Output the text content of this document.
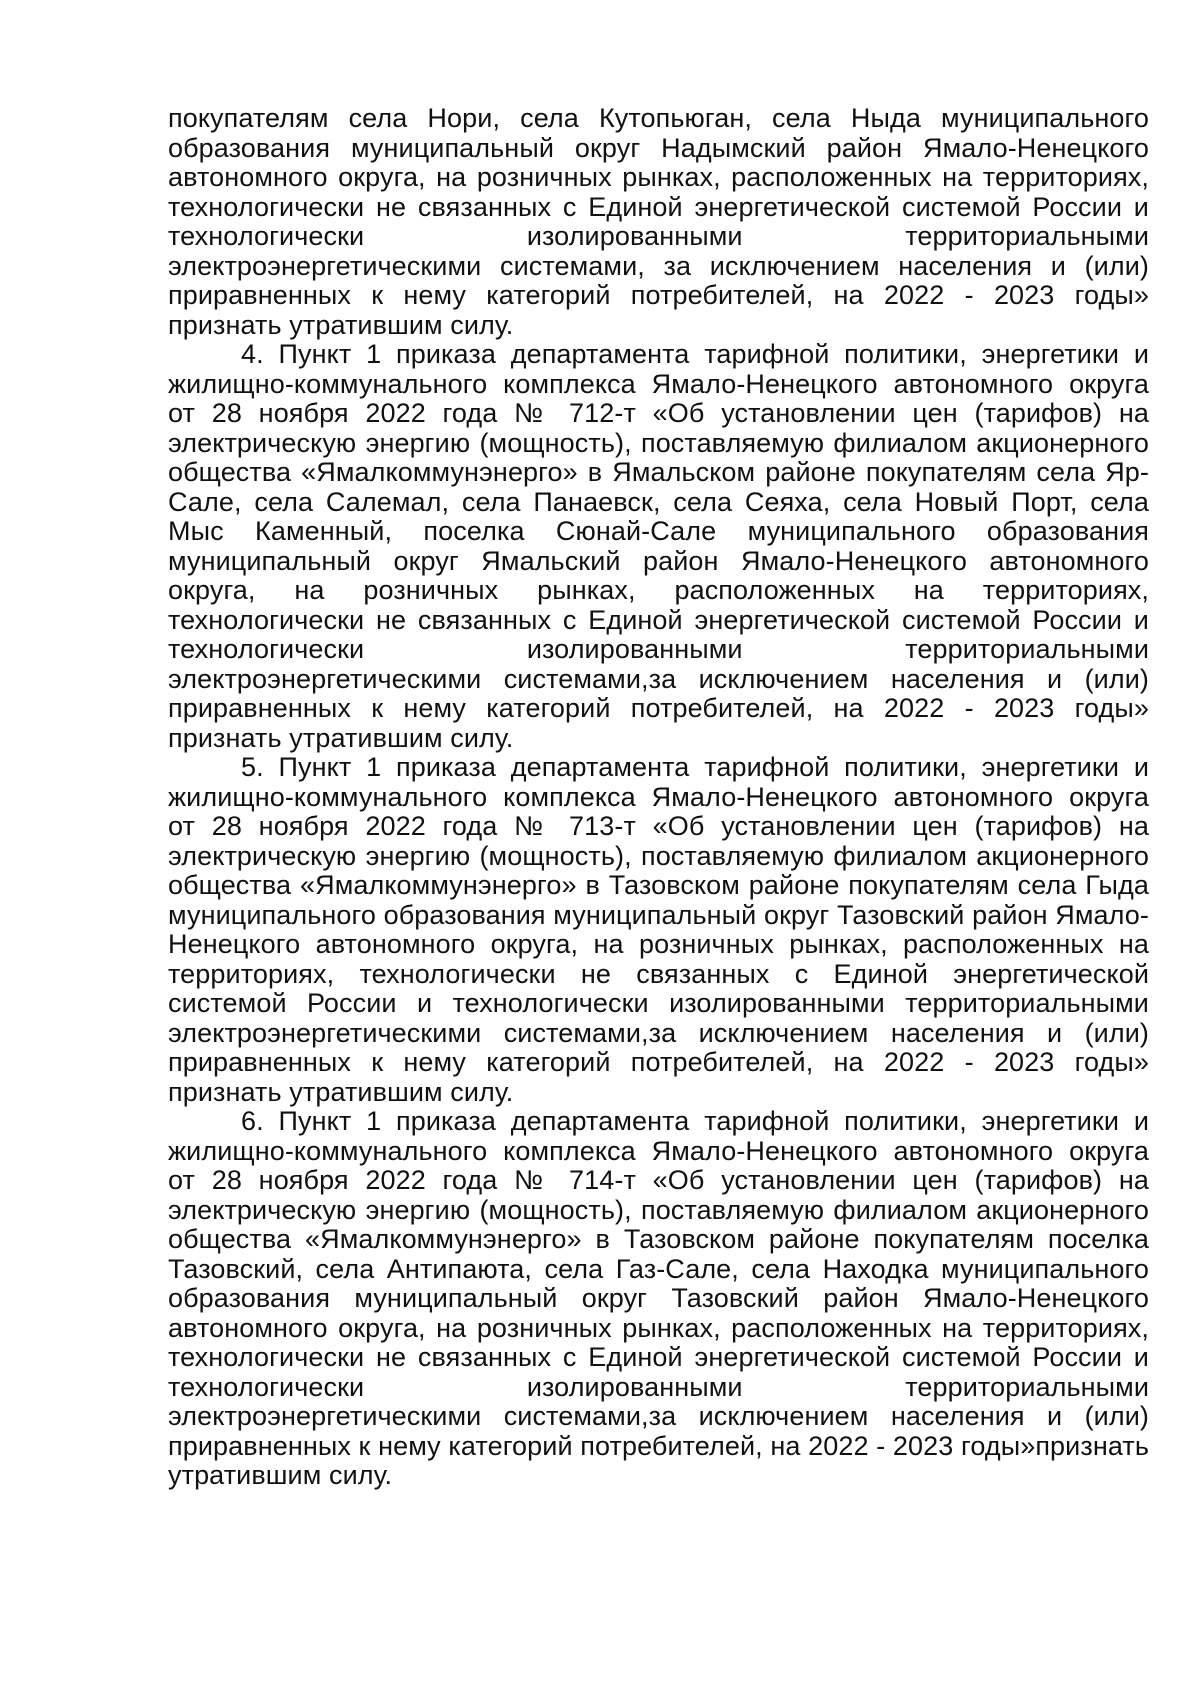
покупателям села Нори, села Кутопьюган, села Ныда муниципального образования муниципальный округ Надымский район Ямало-Ненецкого автономного округа, на розничных рынках, расположенных на территориях, технологически не связанных с Единой энергетической системой России и технологически изолированными территориальными электроэнергетическими системами, за исключением населения и (или) приравненных к нему категорий потребителей, на 2022 - 2023 годы» признать утратившим силу.

4. Пункт 1 приказа департамента тарифной политики, энергетики и жилищно-коммунального комплекса Ямало-Ненецкого автономного округа от 28 ноября 2022 года № 712-т «Об установлении цен (тарифов) на электрическую энергию (мощность), поставляемую филиалом акционерного общества «Ямалкоммунэнерго» в Ямальском районе покупателям села Яр-Сале, села Салемал, села Панаевск, села Сеяха, села Новый Порт, села Мыс Каменный, поселка Сюнай-Сале муниципального образования муниципальный округ Ямальский район Ямало-Ненецкого автономного округа, на розничных рынках, расположенных на территориях, технологически не связанных с Единой энергетической системой России и технологически изолированными территориальными электроэнергетическими системами,за исключением населения и (или) приравненных к нему категорий потребителей, на 2022 - 2023 годы» признать утратившим силу.

5. Пункт 1 приказа департамента тарифной политики, энергетики и жилищно-коммунального комплекса Ямало-Ненецкого автономного округа от 28 ноября 2022 года № 713-т «Об установлении цен (тарифов) на электрическую энергию (мощность), поставляемую филиалом акционерного общества «Ямалкоммунэнерго» в Тазовском районе покупателям села Гыда муниципального образования муниципальный округ Тазовский район Ямало-Ненецкого автономного округа, на розничных рынках, расположенных на территориях, технологически не связанных с Единой энергетической системой России и технологически изолированными территориальными электроэнергетическими системами,за исключением населения и (или) приравненных к нему категорий потребителей, на 2022 - 2023 годы» признать утратившим силу.

6. Пункт 1 приказа департамента тарифной политики, энергетики и жилищно-коммунального комплекса Ямало-Ненецкого автономного округа от 28 ноября 2022 года № 714-т «Об установлении цен (тарифов) на электрическую энергию (мощность), поставляемую филиалом акционерного общества «Ямалкоммунэнерго» в Тазовском районе покупателям поселка Тазовский, села Антипаюта, села Газ-Сале, села Находка муниципального образования муниципальный округ Тазовский район Ямало-Ненецкого автономного округа, на розничных рынках, расположенных на территориях, технологически не связанных с Единой энергетической системой России и технологически изолированными территориальными электроэнергетическими системами,за исключением населения и (или) приравненных к нему категорий потребителей, на 2022 - 2023 годы»признать утратившим силу.
